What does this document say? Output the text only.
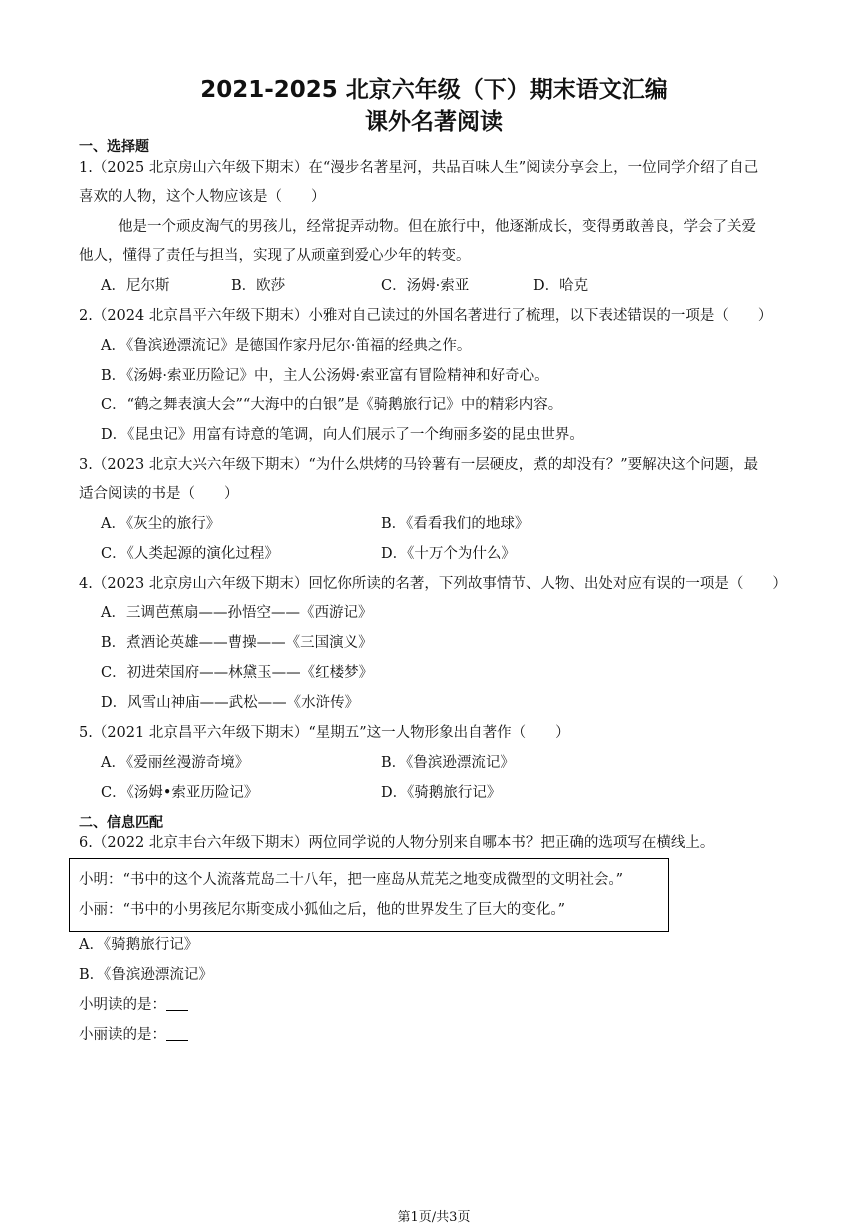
2021-2025 北京六年级（下）期末语文汇编
课外名著阅读
一、选择题
1.（2025 北京房山六年级下期末）在“漫步名著星河，共品百味人生”阅读分享会上，一位同学介绍了自己
喜欢的人物，这个人物应该是（　　）
他是一个顽皮淘气的男孩儿，经常捉弄动物。但在旅行中，他逐渐成长，变得勇敢善良，学会了关爱
他人，懂得了责任与担当，实现了从顽童到爱心少年的转变。
A．尼尔斯	B．欧莎	C．汤姆·索亚	D．哈克
2.（2024 北京昌平六年级下期末）小雅对自己读过的外国名著进行了梳理，以下表述错误的一项是（　　）
A．《鲁滨逊漂流记》是德国作家丹尼尔·笛福的经典之作。
B．《汤姆·索亚历险记》中，主人公汤姆·索亚富有冒险精神和好奇心。
C．“鹤之舞表演大会”“大海中的白银”是《骑鹅旅行记》中的精彩内容。
D．《昆虫记》用富有诗意的笔调，向人们展示了一个绚丽多姿的昆虫世界。
3.（2023 北京大兴六年级下期末）“为什么烘烤的马铃薯有一层硬皮，煮的却没有？”要解决这个问题，最
适合阅读的书是（　　）
A．《灰尘的旅行》	B．《看看我们的地球》
C．《人类起源的演化过程》	D．《十万个为什么》
4.（2023 北京房山六年级下期末）回忆你所读的名著，下列故事情节、人物、出处对应有误的一项是（　　）
A．三调芭蕉扇——孙悟空——《西游记》
B．煮酒论英雄——曹操——《三国演义》
C．初进荣国府——林黛玉——《红楼梦》
D．风雪山神庙——武松——《水浒传》
5.（2021 北京昌平六年级下期末）“星期五”这一人物形象出自著作（　　）
A．《爱丽丝漫游奇境》	B．《鲁滨逊漂流记》
C．《汤姆•索亚历险记》	D．《骑鹅旅行记》
二、信息匹配
6.（2022 北京丰台六年级下期末）两位同学说的人物分别来自哪本书？把正确的选项写在横线上。
小明：“书中的这个人流落荒岛二十八年，把一座岛从荒芜之地变成微型的文明社会。”
小丽：“书中的小男孩尼尔斯变成小狐仙之后，他的世界发生了巨大的变化。”
A．《骑鹅旅行记》
B．《鲁滨逊漂流记》
小明读的是：
小丽读的是：
第1页/共3页
